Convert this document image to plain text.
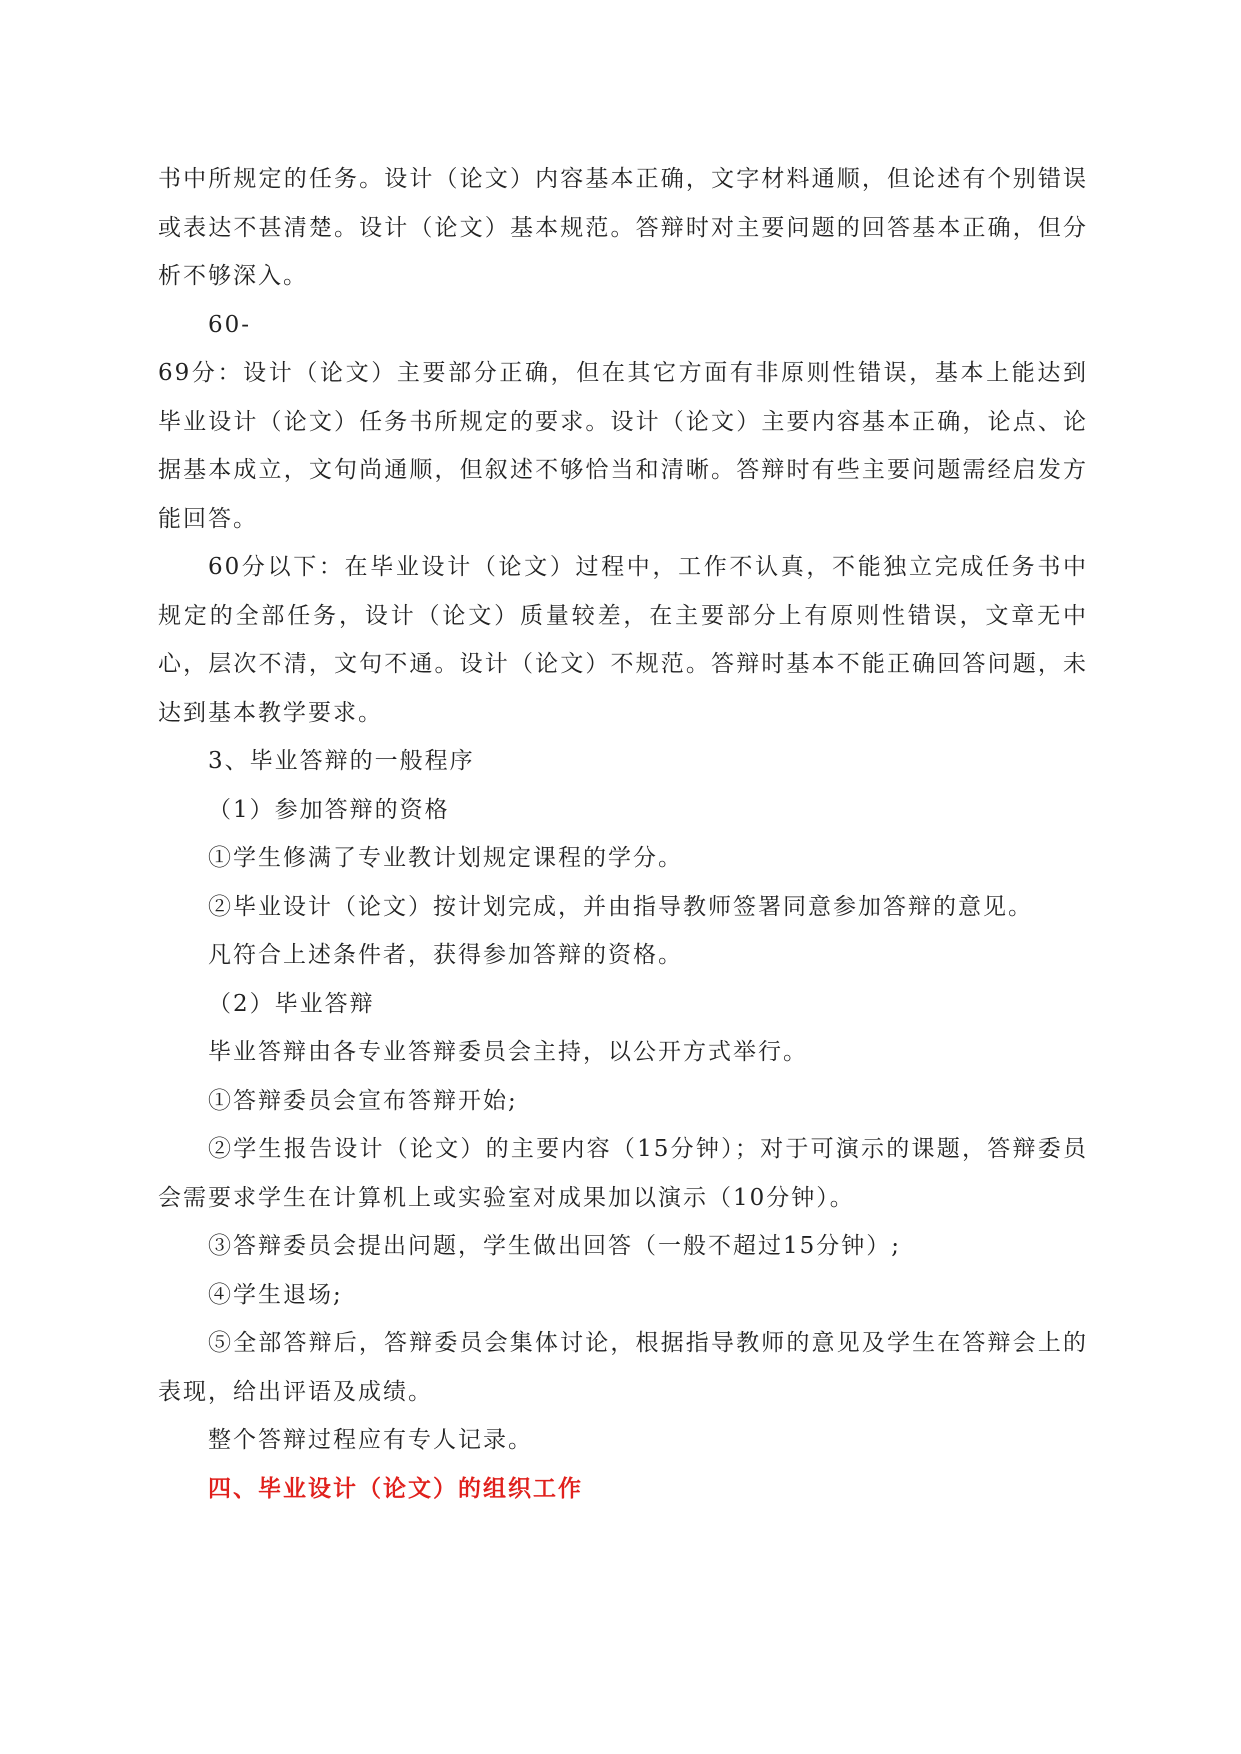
书中所规定的任务。设计（论文）内容基本正确，文字材料通顺，但论述有个别错误或表达不甚清楚。设计（论文）基本规范。答辩时对主要问题的回答基本正确，但分析不够深入。

60-

69分：设计（论文）主要部分正确，但在其它方面有非原则性错误，基本上能达到毕业设计（论文）任务书所规定的要求。设计（论文）主要内容基本正确，论点、论据基本成立，文句尚通顺，但叙述不够恰当和清晰。答辩时有些主要问题需经启发方能回答。

60分以下：在毕业设计（论文）过程中，工作不认真，不能独立完成任务书中规定的全部任务，设计（论文）质量较差，在主要部分上有原则性错误，文章无中心，层次不清，文句不通。设计（论文）不规范。答辩时基本不能正确回答问题，未达到基本教学要求。

3、毕业答辩的一般程序

（1）参加答辩的资格

①学生修满了专业教计划规定课程的学分。

②毕业设计（论文）按计划完成，并由指导教师签署同意参加答辩的意见。

凡符合上述条件者，获得参加答辩的资格。

（2）毕业答辩

毕业答辩由各专业答辩委员会主持，以公开方式举行。

①答辩委员会宣布答辩开始;

②学生报告设计（论文）的主要内容（15分钟）；对于可演示的课题，答辩委员会需要求学生在计算机上或实验室对成果加以演示（10分钟）。

③答辩委员会提出问题，学生做出回答（一般不超过15分钟）;

④学生退场;

⑤全部答辩后，答辩委员会集体讨论，根据指导教师的意见及学生在答辩会上的表现，给出评语及成绩。

整个答辩过程应有专人记录。

四、毕业设计（论文）的组织工作
